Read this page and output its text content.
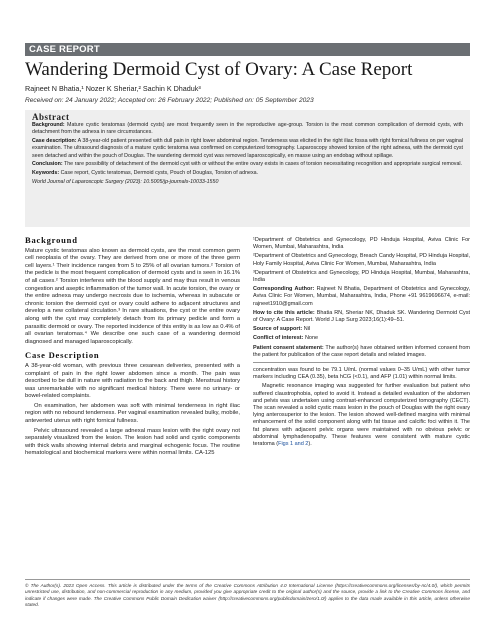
CASE REPORT
Wandering Dermoid Cyst of Ovary: A Case Report
Rajneet N Bhatia,¹ Nozer K Sheriar,² Sachin K Dhaduk³
Received on: 24 January 2022; Accepted on: 26 February 2022; Published on: 05 September 2023
Abstract

Background: Mature cystic teratomas (dermoid cysts) are most frequently seen in the reproductive age-group. Torsion is the most common complication of dermoid cysts, with detachment from the adnexa in rare circumstances.

Case description: A 38-year-old patient presented with dull pain in right lower abdominal region. Tenderness was elicited in the right iliac fossa with right fornical fullness on per vaginal examination. The ultrasound diagnosis of a mature cystic teratoma was confirmed on computerized tomography. Laparoscopy showed torsion of the right adnexa, with the dermoid cyst seen detached and within the pouch of Douglas. The wandering dermoid cyst was removed laparoscopically, en masse using an endobag without spillage.

Conclusion: The rare possibility of detachment of the dermoid cyst with or without the entire ovary exists in cases of torsion necessitating recognition and appropriate surgical removal.

Keywords: Case report, Cystic teratomas, Dermoid cysts, Pouch of Douglas, Torsion of adnexa.

World Journal of Laparoscopic Surgery (2023): 10.5005/jp-journals-10033-1550

Background

Mature cystic teratomas also known as dermoid cysts, are the most common germ cell neoplasia of the ovary. They are derived from one or more of the three germ cell layers.¹ Their incidence ranges from 5 to 25% of all ovarian tumors.² Torsion of the pedicle is the most frequent complication of dermoid cysts and is seen in 16.1% of all cases.² Torsion interferes with the blood supply and may thus result in venous congestion and aseptic inflammation of the tumor wall. In acute torsion, the ovary or the entire adnexa may undergo necrosis due to ischemia, whereas in subacute or chronic torsion the dermoid cyst or ovary could adhere to adjacent structures and develop a new collateral circulation.³ In rare situations, the cyst or the entire ovary along with the cyst may completely detach from its primary pedicle and form a parasitic dermoid or ovary. The reported incidence of this entity is as low as 0.4% of all ovarian teratomas.⁴ We describe one such case of a wandering dermoid diagnosed and managed laparoscopically.

Case Description

A 38-year-old woman, with previous three cesarean deliveries, presented with a complaint of pain in the right lower abdomen since a month. The pain was described to be dull in nature with radiation to the back and thigh. Menstrual history was unremarkable with no significant medical history. There were no urinary- or bowel-related complaints.

On examination, her abdomen was soft with minimal tenderness in right iliac region with no rebound tenderness. Per vaginal examination revealed bulky, mobile, anteverted uterus with right fornical fullness.

Pelvic ultrasound revealed a large adnexal mass lesion with the right ovary not separately visualized from the lesion. The lesion had solid and cystic components with thick walls showing internal debris and marginal echogenic focus. The routine hematological and biochemical markers were within normal limits. CA-125

¹Department of Obstetrics and Gynecology, PD Hinduja Hospital, Aviva Clinic For Women, Mumbai, Maharashtra, India

²Department of Obstetrics and Gynecology, Breach Candy Hospital, PD Hinduja Hospital, Holy Family Hospital, Aviva Clinic For Women, Mumbai, Maharashtra, India

³Department of Obstetrics and Gynecology, PD Hinduja Hospital, Mumbai, Maharashtra, India

Corresponding Author: Rajneet N Bhatia, Department of Obstetrics and Gynecology, Aviva Clinic For Women, Mumbai, Maharashtra, India, Phone +91 9619696674, e-mail: rajneet1910@gmail.com

How to cite this article: Bhatia RN, Sheriar NK, Dhaduk SK. Wandering Dermoid Cyst of Ovary: A Case Report. World J Lap Surg 2023;16(1):49–51.

Source of support: Nil

Conflict of interest: None

Patient consent statement: The author(s) have obtained written informed consent from the patient for publication of the case report details and related images.

concentration was found to be 79.1 U/mL (normal values 0–35 U/mL) with other tumor markers including CEA (0.35), beta hCG (<0.1), and AFP (1.01) within normal limits.

Magnetic resonance imaging was suggested for further evaluation but patient who suffered claustrophobia, opted to avoid it. Instead a detailed evaluation of the abdomen and pelvis was undertaken using contrast-enhanced computerized tomography (CECT). The scan revealed a solid cystic mass lesion in the pouch of Douglas with the right ovary lying anterosuperior to the lesion. The lesion showed well-defined margins with minimal enhancement of the solid component along with fat tissue and calcific foci within it. The fat planes with adjacent pelvic organs were maintained with no obvious pelvic or abdominal lymphadenopathy. These features were consistent with mature cystic teratoma (Figs 1 and 2).

© The Author(s). 2023 Open Access. This article is distributed under the terms of the Creative Commons Attribution 4.0 International License (https://creativecommons.org/licenses/by-nc/4.0/), which permits unrestricted use, distribution, and non-commercial reproduction in any medium, provided you give appropriate credit to the original author(s) and the source, provide a link to the Creative Commons license, and indicate if changes were made. The Creative Commons Public Domain Dedication waiver (http://creativecommons.org/publicdomain/zero/1.0/) applies to the data made available in this article, unless otherwise stated.
